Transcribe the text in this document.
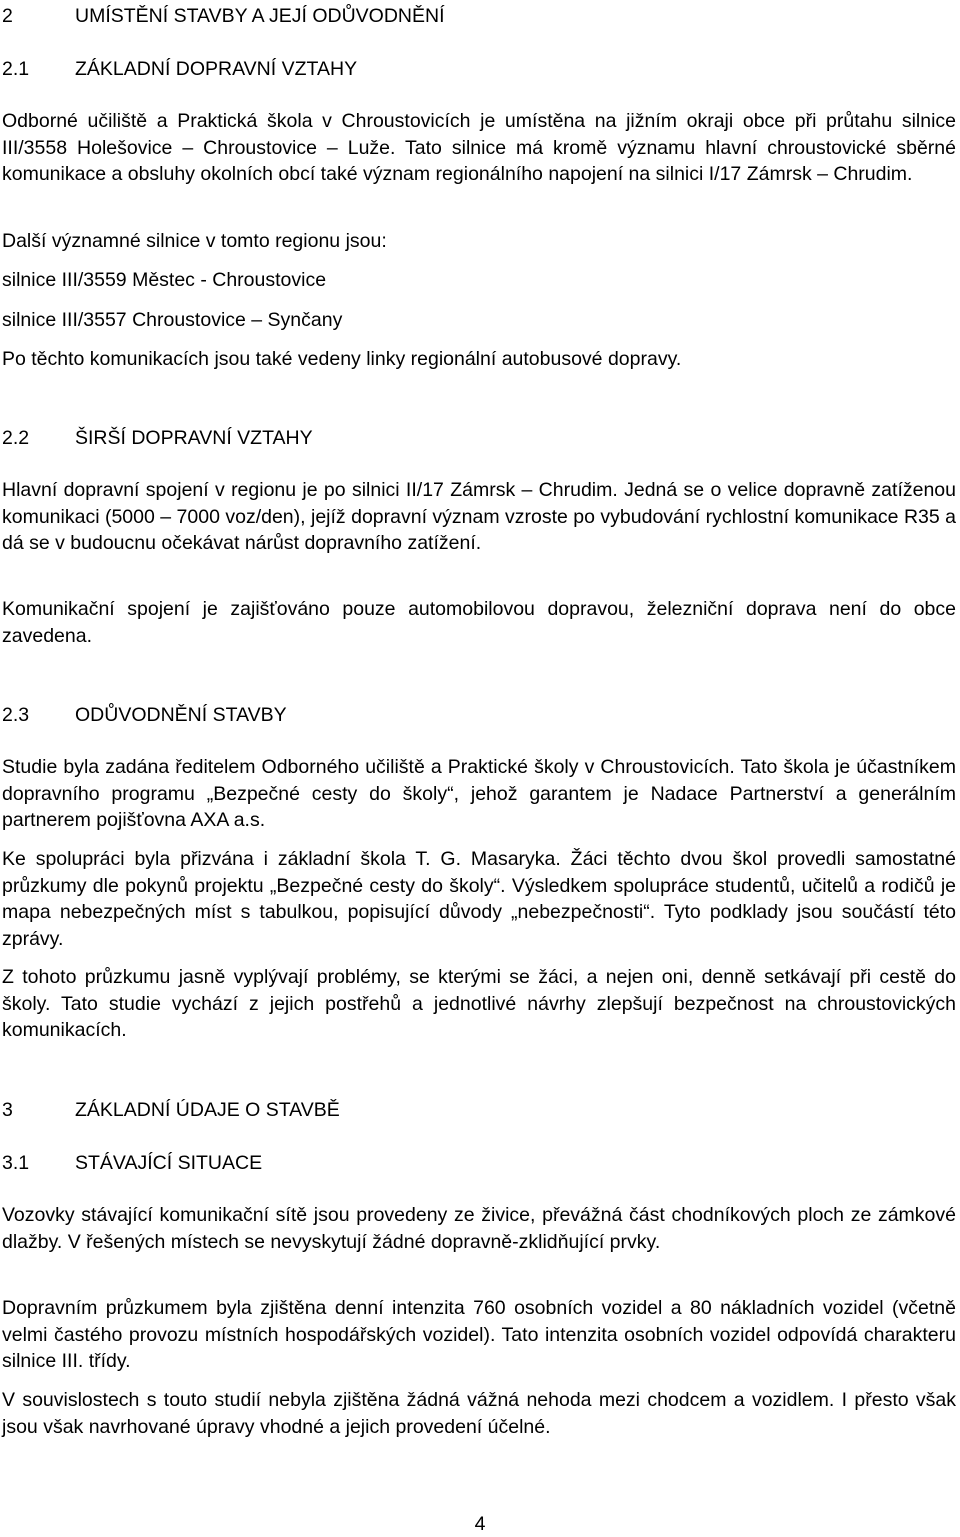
2	UMÍSTĚNÍ STAVBY A JEJÍ ODŮVODNĚNÍ
2.1	ZÁKLADNÍ DOPRAVNÍ VZTAHY

Odborné učiliště a Praktická škola v Chroustovicích je umístěna na jižním okraji obce při průtahu silnice III/3558 Holešovice – Chroustovice – Luže. Tato silnice má kromě významu hlavní chroustovické sběrné komunikace a obsluhy okolních obcí také význam regionálního napojení na silnici I/17 Zámrsk – Chrudim.

Další významné silnice v tomto regionu jsou:

silnice III/3559 Městec - Chroustovice

silnice III/3557 Chroustovice – Synčany

Po těchto komunikacích jsou také vedeny linky regionální autobusové dopravy.

2.2	ŠIRŠÍ DOPRAVNÍ VZTAHY

Hlavní dopravní spojení v regionu je po silnici II/17 Zámrsk – Chrudim. Jedná se o velice dopravně zatíženou komunikaci (5000 – 7000 voz/den), jejíž dopravní význam vzroste po vybudování rychlostní komunikace R35 a dá se v budoucnu očekávat nárůst dopravního zatížení.

Komunikační spojení je zajišťováno pouze automobilovou dopravou, železniční doprava není do obce zavedena.

2.3	ODŮVODNĚNÍ STAVBY

Studie byla zadána ředitelem Odborného učiliště a Praktické školy v Chroustovicích. Tato škola je účastníkem dopravního programu „Bezpečné cesty do školy“, jehož garantem je Nadace Partnerství a generálním partnerem pojišťovna AXA a.s.

Ke spolupráci byla přizvána i základní škola T. G. Masaryka. Žáci těchto dvou škol provedli samostatné průzkumy dle pokynů projektu „Bezpečné cesty do školy“. Výsledkem spolupráce studentů, učitelů a rodičů je mapa nebezpečných míst s tabulkou, popisující důvody „nebezpečnosti“. Tyto podklady jsou součástí této zprávy.

Z tohoto průzkumu jasně vyplývají problémy, se kterými se žáci, a nejen oni, denně setkávají při cestě do školy. Tato studie vychází z jejich postřehů a jednotlivé návrhy zlepšují bezpečnost na chroustovických komunikacích.

3	ZÁKLADNÍ ÚDAJE O STAVBĚ
3.1	STÁVAJÍCÍ SITUACE

Vozovky stávající komunikační sítě jsou provedeny ze živice, převážná část chodníkových ploch ze zámkové dlažby. V řešených místech se nevyskytují žádné dopravně-zklidňující prvky.

Dopravním průzkumem byla zjištěna denní intenzita 760 osobních vozidel a 80 nákladních vozidel (včetně velmi častého provozu místních hospodářských vozidel). Tato intenzita osobních vozidel odpovídá charakteru silnice III. třídy.

V souvislostech s touto studií nebyla zjištěna žádná vážná nehoda mezi chodcem a vozidlem. I přesto však jsou však navrhované úpravy vhodné a jejich provedení účelné.

4
